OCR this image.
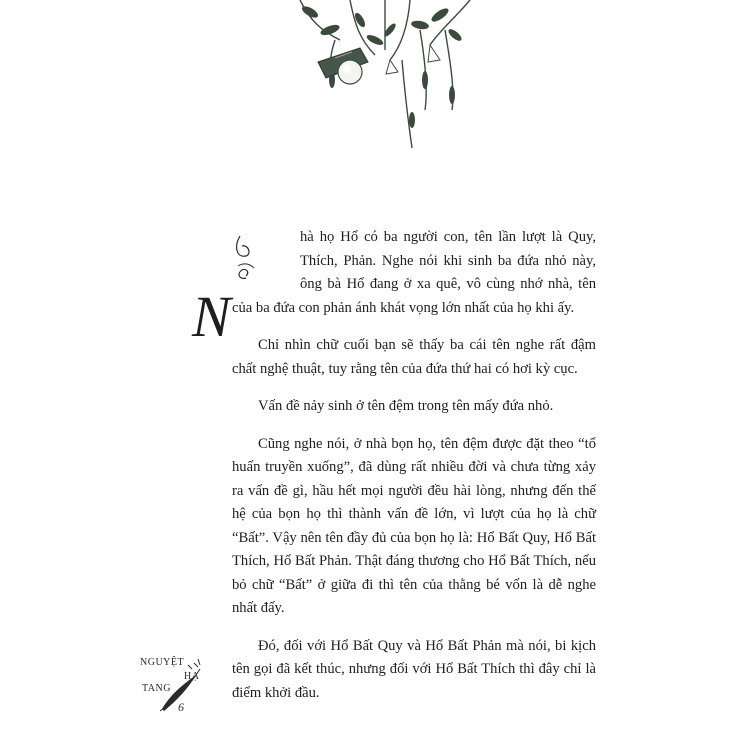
N
hà họ Hổ có ba người con, tên lần lượt là Quy, Thích, Phản. Nghe nói khi sinh ba đứa nhỏ này, ông bà Hổ đang ở xa quê, vô cùng nhớ nhà, tên của ba đứa con phản ánh khát vọng lớn nhất của họ khi ấy.

Chỉ nhìn chữ cuối bạn sẽ thấy ba cái tên nghe rất đậm chất nghệ thuật, tuy rằng tên của đứa thứ hai có hơi kỳ cục.

Vấn đề nảy sinh ở tên đệm trong tên mấy đứa nhỏ.

Cũng nghe nói, ở nhà bọn họ, tên đệm được đặt theo “tổ huấn truyền xuống”, đã dùng rất nhiều đời và chưa từng xảy ra vấn đề gì, hầu hết mọi người đều hài lòng, nhưng đến thế hệ của bọn họ thì thành vấn đề lớn, vì lượt của họ là chữ “Bất”. Vậy nên tên đầy đủ của bọn họ là: Hổ Bất Quy, Hổ Bất Thích, Hổ Bất Phản. Thật đáng thương cho Hổ Bất Thích, nếu bỏ chữ “Bất” ở giữa đi thì tên của thằng bé vốn là dễ nghe nhất đấy.

Đó, đối với Hổ Bất Quy và Hổ Bất Phản mà nói, bi kịch tên gọi đã kết thúc, nhưng đối với Hổ Bất Thích thì đây chỉ là điểm khởi đầu.

NGUYỆT
HẠ
TANG
6
